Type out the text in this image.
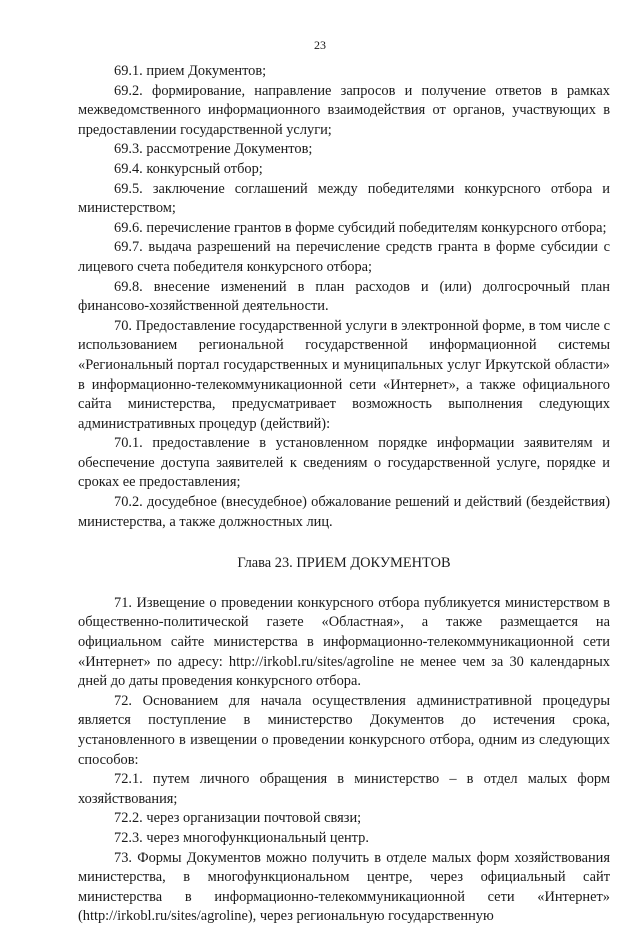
23

69.1. прием Документов;

69.2. формирование, направление запросов и получение ответов в рамках межведомственного информационного взаимодействия от органов, участвующих в предоставлении государственной услуги;

69.3. рассмотрение Документов;

69.4. конкурсный отбор;

69.5. заключение соглашений между победителями конкурсного отбора и министерством;

69.6. перечисление грантов в форме субсидий победителям конкурсного отбора;

69.7. выдача разрешений на перечисление средств гранта в форме субсидии с лицевого счета победителя конкурсного отбора;

69.8. внесение изменений в план расходов и (или) долгосрочный план финансово-хозяйственной деятельности.

70. Предоставление государственной услуги в электронной форме, в том числе с использованием региональной государственной информационной системы «Региональный портал государственных и муниципальных услуг Иркутской области» в информационно-телекоммуникационной сети «Интернет», а также официального сайта министерства, предусматривает возможность выполнения следующих административных процедур (действий):

70.1. предоставление в установленном порядке информации заявителям и обеспечение доступа заявителей к сведениям о государственной услуге, порядке и сроках ее предоставления;

70.2. досудебное (внесудебное) обжалование решений и действий (бездействия) министерства, а также должностных лиц.

Глава 23. ПРИЕМ ДОКУМЕНТОВ

71. Извещение о проведении конкурсного отбора публикуется министерством в общественно-политической газете «Областная», а также размещается на официальном сайте министерства в информационно-телекоммуникационной сети «Интернет» по адресу: http://irkobl.ru/sites/agroline не менее чем за 30 календарных дней до даты проведения конкурсного отбора.

72. Основанием для начала осуществления административной процедуры является поступление в министерство Документов до истечения срока, установленного в извещении о проведении конкурсного отбора, одним из следующих способов:

72.1. путем личного обращения в министерство – в отдел малых форм хозяйствования;

72.2. через организации почтовой связи;

72.3. через многофункциональный центр.

73. Формы Документов можно получить в отделе малых форм хозяйствования министерства, в многофункциональном центре, через официальный сайт министерства в информационно-телекоммуникационной сети «Интернет» (http://irkobl.ru/sites/agroline), через региональную государственную
